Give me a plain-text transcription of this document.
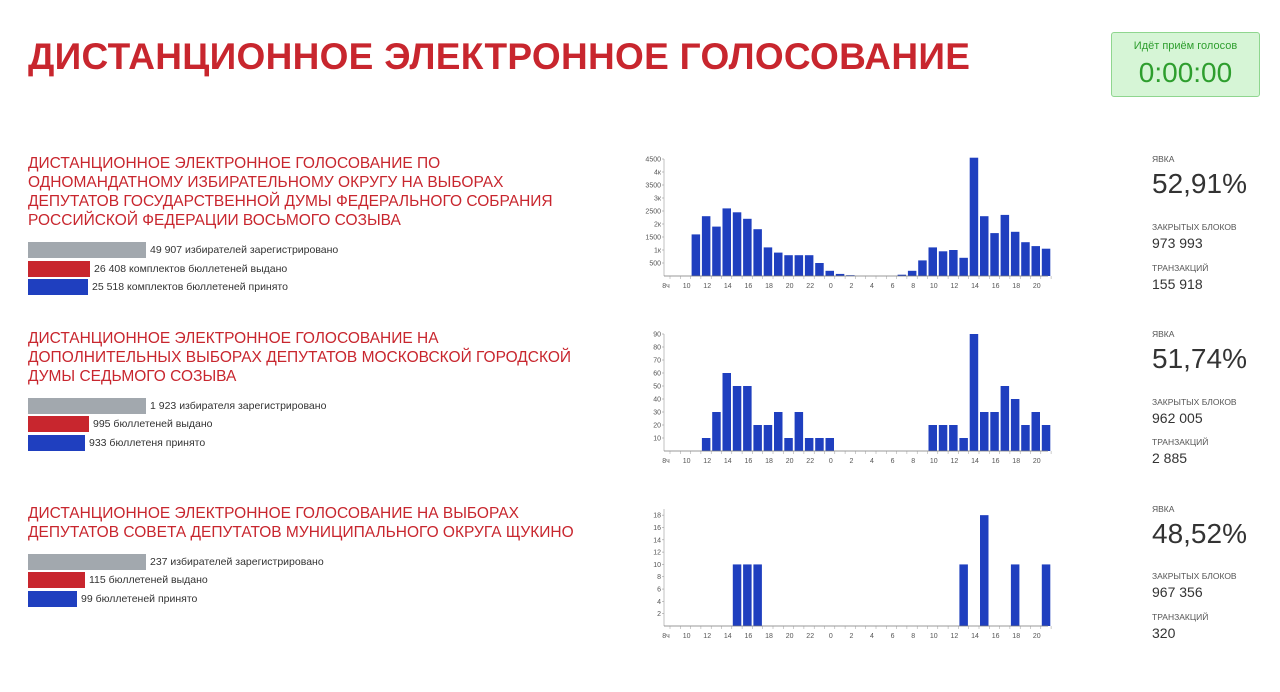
ДИСТАНЦИОННОЕ ЭЛЕКТРОННОЕ ГОЛОСОВАНИЕ	Идёт приём голосов
0:00:00
ДИСТАНЦИОННОЕ ЭЛЕКТРОННОЕ ГОЛОСОВАНИЕ ПО ОДНОМАНДАТНОМУ ИЗБИРАТЕЛЬНОМУ ОКРУГУ НА ВЫБОРАХ ДЕПУТАТОВ ГОСУДАРСТВЕННОЙ ДУМЫ ФЕДЕРАЛЬНОГО СОБРАНИЯ РОССИЙСКОЙ ФЕДЕРАЦИИ ВОСЬМОГО СОЗЫВА
49 907 избирателей зарегистрировано
26 408 комплектов бюллетеней выдано
25 518 комплектов бюллетеней принято
500
1к
1500
2к
2500
3к
3500
4к
4500
8ч 10 12 14 16 18 20 22 0 2 4 6 8 10 12 14 16 18 20
ЯВКА
52,91%
ЗАКРЫТЫХ БЛОКОВ
973 993
ТРАНЗАКЦИЙ
155 918
ДИСТАНЦИОННОЕ ЭЛЕКТРОННОЕ ГОЛОСОВАНИЕ НА ДОПОЛНИТЕЛЬНЫХ ВЫБОРАХ ДЕПУТАТОВ МОСКОВСКОЙ ГОРОДСКОЙ ДУМЫ СЕДЬМОГО СОЗЫВА
1 923 избирателя зарегистрировано
995 бюллетеней выдано
933 бюллетеня принято	10
20
30
40
50
60
70
80
90
8ч 10 12 14 16 18 20 22 0 2 4 6 8 10 12 14 16 18 20
ЯВКА
51,74%
ЗАКРЫТЫХ БЛОКОВ
962 005
ТРАНЗАКЦИЙ
2 885
ДИСТАНЦИОННОЕ ЭЛЕКТРОННОЕ ГОЛОСОВАНИЕ НА ВЫБОРАХ ДЕПУТАТОВ СОВЕТА ДЕПУТАТОВ МУНИЦИПАЛЬНОГО ОКРУГА ЩУКИНО
237 избирателей зарегистрировано
115 бюллетеней выдано
99 бюллетеней принято
2
4
6
8
10
12
14
16
18
8ч 10 12 14 16 18 20 22 0 2 4 6 8 10 12 14 16 18 20
ЯВКА
48,52%
ЗАКРЫТЫХ БЛОКОВ
967 356
ТРАНЗАКЦИЙ
320
